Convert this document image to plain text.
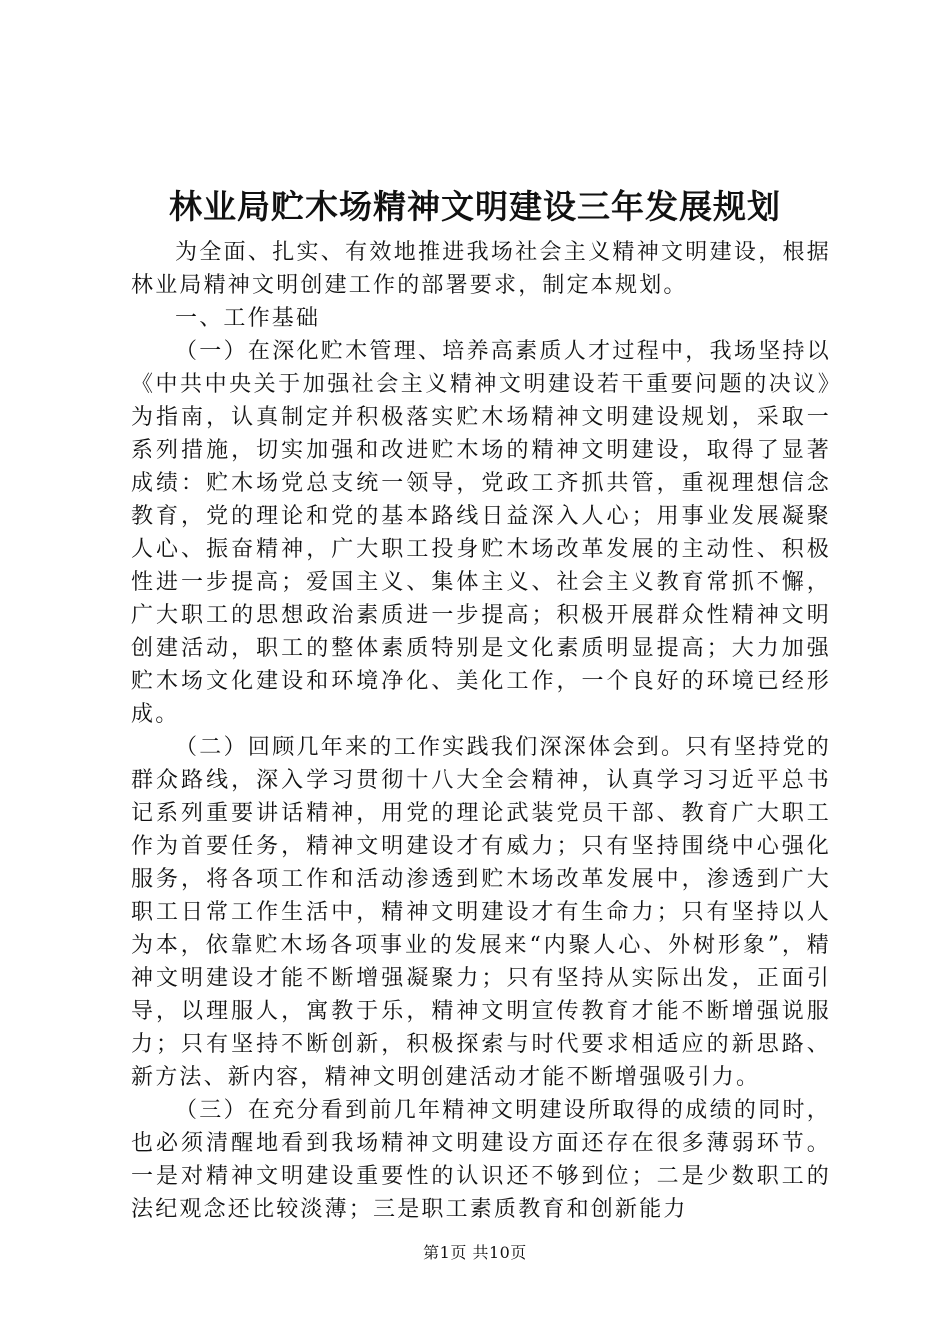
林业局贮木场精神文明建设三年发展规划

为全面、扎实、有效地推进我场社会主义精神文明建设，根据林业局精神文明创建工作的部署要求，制定本规划。

一、工作基础

（一）在深化贮木管理、培养高素质人才过程中，我场坚持以《中共中央关于加强社会主义精神文明建设若干重要问题的决议》为指南，认真制定并积极落实贮木场精神文明建设规划，采取一系列措施，切实加强和改进贮木场的精神文明建设，取得了显著成绩：贮木场党总支统一领导，党政工齐抓共管，重视理想信念教育，党的理论和党的基本路线日益深入人心；用事业发展凝聚人心、振奋精神，广大职工投身贮木场改革发展的主动性、积极性进一步提高；爱国主义、集体主义、社会主义教育常抓不懈，广大职工的思想政治素质进一步提高；积极开展群众性精神文明创建活动，职工的整体素质特别是文化素质明显提高；大力加强贮木场文化建设和环境净化、美化工作，一个良好的环境已经形成。

（二）回顾几年来的工作实践我们深深体会到。只有坚持党的群众路线，深入学习贯彻十八大全会精神，认真学习习近平总书记系列重要讲话精神，用党的理论武装党员干部、教育广大职工作为首要任务，精神文明建设才有威力；只有坚持围绕中心强化服务，将各项工作和活动渗透到贮木场改革发展中，渗透到广大职工日常工作生活中，精神文明建设才有生命力；只有坚持以人为本，依靠贮木场各项事业的发展来“内聚人心、外树形象”，精神文明建设才能不断增强凝聚力；只有坚持从实际出发，正面引导，以理服人，寓教于乐，精神文明宣传教育才能不断增强说服力；只有坚持不断创新，积极探索与时代要求相适应的新思路、新方法、新内容，精神文明创建活动才能不断增强吸引力。

（三）在充分看到前几年精神文明建设所取得的成绩的同时，也必须清醒地看到我场精神文明建设方面还存在很多薄弱环节。一是对精神文明建设重要性的认识还不够到位；二是少数职工的法纪观念还比较淡薄；三是职工素质教育和创新能力

第1页 共10页
